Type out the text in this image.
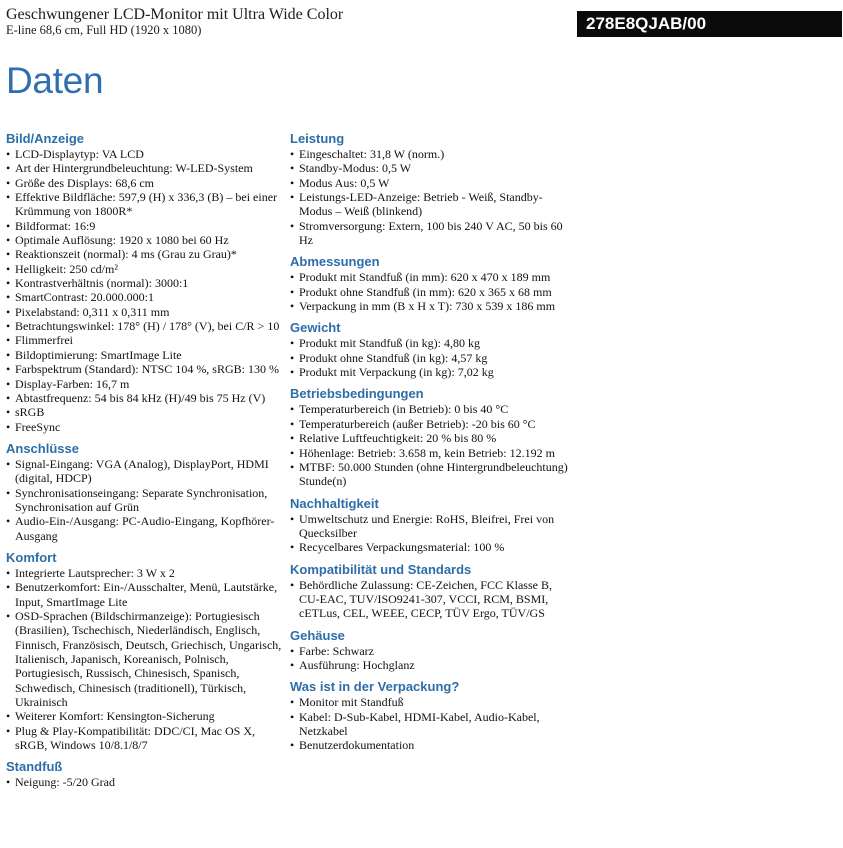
Geschwungener LCD-Monitor mit Ultra Wide Color
E-line 68,6 cm, Full HD (1920 x 1080)	278E8QJAB/00
Daten
Bild/Anzeige
• LCD-Displaytyp: VA LCD
• Art der Hintergrundbeleuchtung: W-LED-System
• Größe des Displays: 68,6 cm
• Effektive Bildfläche: 597,9 (H) x 336,3 (B) – bei einer Krümmung von 1800R*
• Bildformat: 16:9
• Optimale Auflösung: 1920 x 1080 bei 60 Hz
• Reaktionszeit (normal): 4 ms (Grau zu Grau)*
• Helligkeit: 250 cd/m²
• Kontrastverhältnis (normal): 3000:1
• SmartContrast: 20.000.000:1
• Pixelabstand: 0,311 x 0,311 mm
• Betrachtungswinkel: 178° (H) / 178° (V), bei C/R > 10
• Flimmerfrei
• Bildoptimierung: SmartImage Lite
• Farbspektrum (Standard): NTSC 104 %, sRGB: 130 %
• Display-Farben: 16,7 m
• Abtastfrequenz: 54 bis 84 kHz (H)/49 bis 75 Hz (V)
• sRGB
• FreeSync
Anschlüsse
• Signal-Eingang: VGA (Analog), DisplayPort, HDMI (digital, HDCP)
• Synchronisationseingang: Separate Synchronisation, Synchronisation auf Grün
• Audio-Ein-/Ausgang: PC-Audio-Eingang, Kopfhörer-Ausgang
Komfort
• Integrierte Lautsprecher: 3 W x 2
• Benutzerkomfort: Ein-/Ausschalter, Menü, Lautstärke, Input, SmartImage Lite
• OSD-Sprachen (Bildschirmanzeige): Portugiesisch (Brasilien), Tschechisch, Niederländisch, Englisch, Finnisch, Französisch, Deutsch, Griechisch, Ungarisch, Italienisch, Japanisch, Koreanisch, Polnisch, Portugiesisch, Russisch, Chinesisch, Spanisch, Schwedisch, Chinesisch (traditionell), Türkisch, Ukrainisch
• Weiterer Komfort: Kensington-Sicherung
• Plug & Play-Kompatibilität: DDC/CI, Mac OS X, sRGB, Windows 10/8.1/8/7
Standfuß
• Neigung: -5/20 Grad
Leistung
• Eingeschaltet: 31,8 W (norm.)
• Standby-Modus: 0,5 W
• Modus Aus: 0,5 W
• Leistungs-LED-Anzeige: Betrieb - Weiß, Standby-Modus – Weiß (blinkend)
• Stromversorgung: Extern, 100 bis 240 V AC, 50 bis 60 Hz
Abmessungen
• Produkt mit Standfuß (in mm): 620 x 470 x 189 mm
• Produkt ohne Standfuß (in mm): 620 x 365 x 68 mm
• Verpackung in mm (B x H x T): 730 x 539 x 186 mm
Gewicht
• Produkt mit Standfuß (in kg): 4,80 kg
• Produkt ohne Standfuß (in kg): 4,57 kg
• Produkt mit Verpackung (in kg): 7,02 kg
Betriebsbedingungen
• Temperaturbereich (in Betrieb): 0 bis 40 °C
• Temperaturbereich (außer Betrieb): -20 bis 60 °C
• Relative Luftfeuchtigkeit: 20 % bis 80 %
• Höhenlage: Betrieb: 3.658 m, kein Betrieb: 12.192 m
• MTBF: 50.000 Stunden (ohne Hintergrundbeleuchtung) Stunde(n)
Nachhaltigkeit
• Umweltschutz und Energie: RoHS, Bleifrei, Frei von Quecksilber
• Recycelbares Verpackungsmaterial: 100 %
Kompatibilität und Standards
• Behördliche Zulassung: CE-Zeichen, FCC Klasse B, CU-EAC, TUV/ISO9241-307, VCCI, RCM, BSMI, cETLus, CEL, WEEE, CECP, TÜV Ergo, TÜV/GS
Gehäuse
• Farbe: Schwarz
• Ausführung: Hochglanz
Was ist in der Verpackung?
• Monitor mit Standfuß
• Kabel: D-Sub-Kabel, HDMI-Kabel, Audio-Kabel, Netzkabel
• Benutzerdokumentation
